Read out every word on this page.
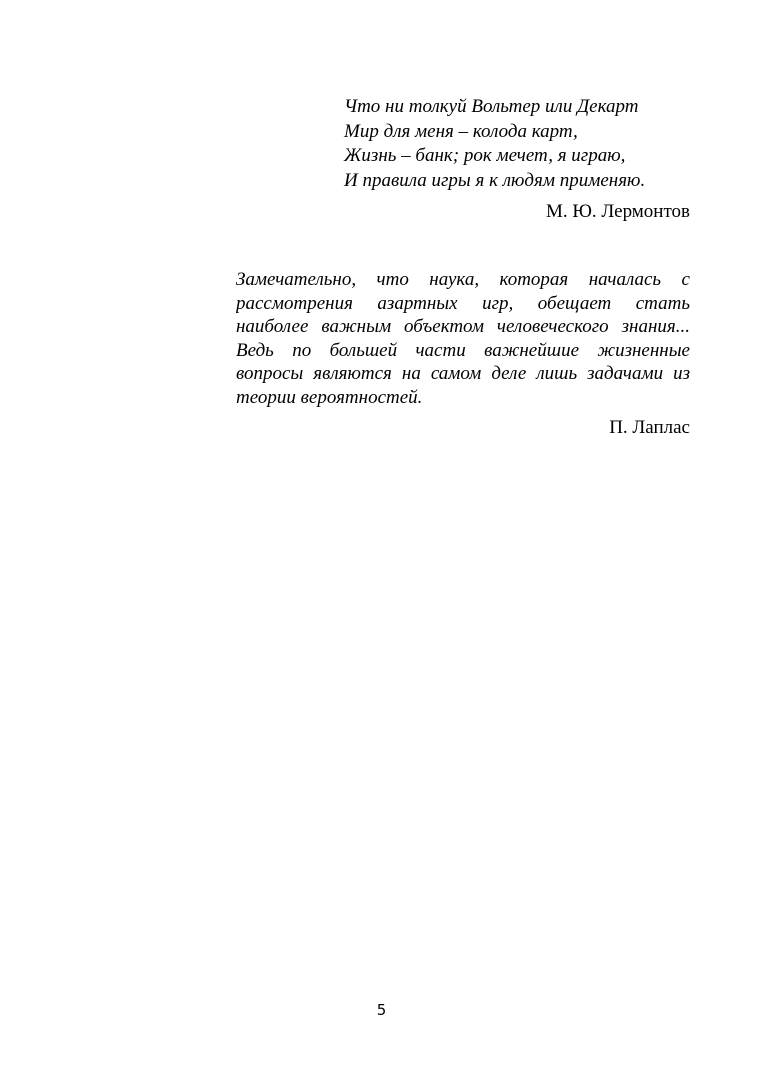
Что ни толкуй Вольтер или Декарт
Мир для меня – колода карт,
Жизнь – банк; рок мечет, я играю,
И правила игры я к людям применяю.
М. Ю. Лермонтов
Замечательно, что наука, которая началась с
рассмотрения азартных игр, обещает стать
наиболее важным объектом человеческого знания...
Ведь по большей части важнейшие жизненные
вопросы являются на самом деле лишь задачами из
теории вероятностей.
П. Лаплас
5
